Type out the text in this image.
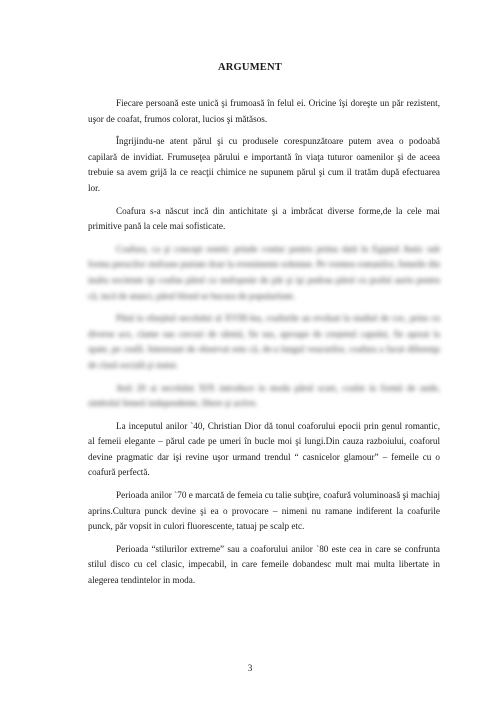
ARGUMENT

Fiecare persoană este unică şi frumoasă în felul ei. Oricine îşi doreşte un păr rezistent, uşor de coafat, frumos colorat, lucios şi mătăsos.

Îngrijindu-ne atent părul şi cu produsele corespunzătoare putem avea o podoabă capilară de invidiat. Frumuseţea părului e importantă în viaţa tuturor oamenilor şi de aceea trebuie sa avem grijă la ce reacţii chimice ne supunem părul şi cum il tratăm după efectuarea lor.

Coafura s-a născut incă din antichitate şi a imbrăcat diverse forme,de la cele mai primitive pană la cele mai sofisticate.

Coafura, ca şi concept estetic prinde contur pentru prima dată în Egiptul Antic sub forma perucilor stufoase purtate doar la evenimente solemne. Pe vremea romanilor, femeile din inalta societate işi coafau părul cu stufoşenie de păr şi işi pudrau părul cu praful auriu pentru că, incă de atunci, părul blond se bucura de popularitate.

Până la sfarşitul secolului al XVIII-lea, coafurile au evoluat la stadiul de coc, prins cu diverse ace, clame sau cercuri de sârmă, fie sus, aproape de creştetul capului, fie aşezat la spate, pe ceafă. Interesant de observat este că, de-a lungul veacurilor, coafura a facut diferenţa de clasă socială şi statut.

Anii 20 ai secolului XIX introduce in moda părul scurt, coafat in formă de unde, simbolul femeii independente, libere şi active.

La inceputul anilor `40, Christian Dior dă tonul coaforului epocii prin genul romantic, al femeii elegante – părul cade pe umeri în bucle moi şi lungi.Din cauza razboiului, coaforul devine pragmatic dar işi revine uşor urmand trendul “ casnicelor glamour” – femeile cu o coafură perfectă.

Perioada anilor `70 e marcată de femeia cu talie subţire, coafură voluminoasă şi machiaj aprins.Cultura punck devine şi ea o provocare – nimeni nu ramane indiferent la coafurile punck, păr vopsit in culori fluorescente, tatuaj pe scalp etc.

Perioada “stilurilor extreme” sau a coaforului anilor `80 este cea in care se confrunta stilul disco cu cel clasic, impecabil, in care femeile dobandesc mult mai multa libertate in alegerea tendintelor in moda.

3
